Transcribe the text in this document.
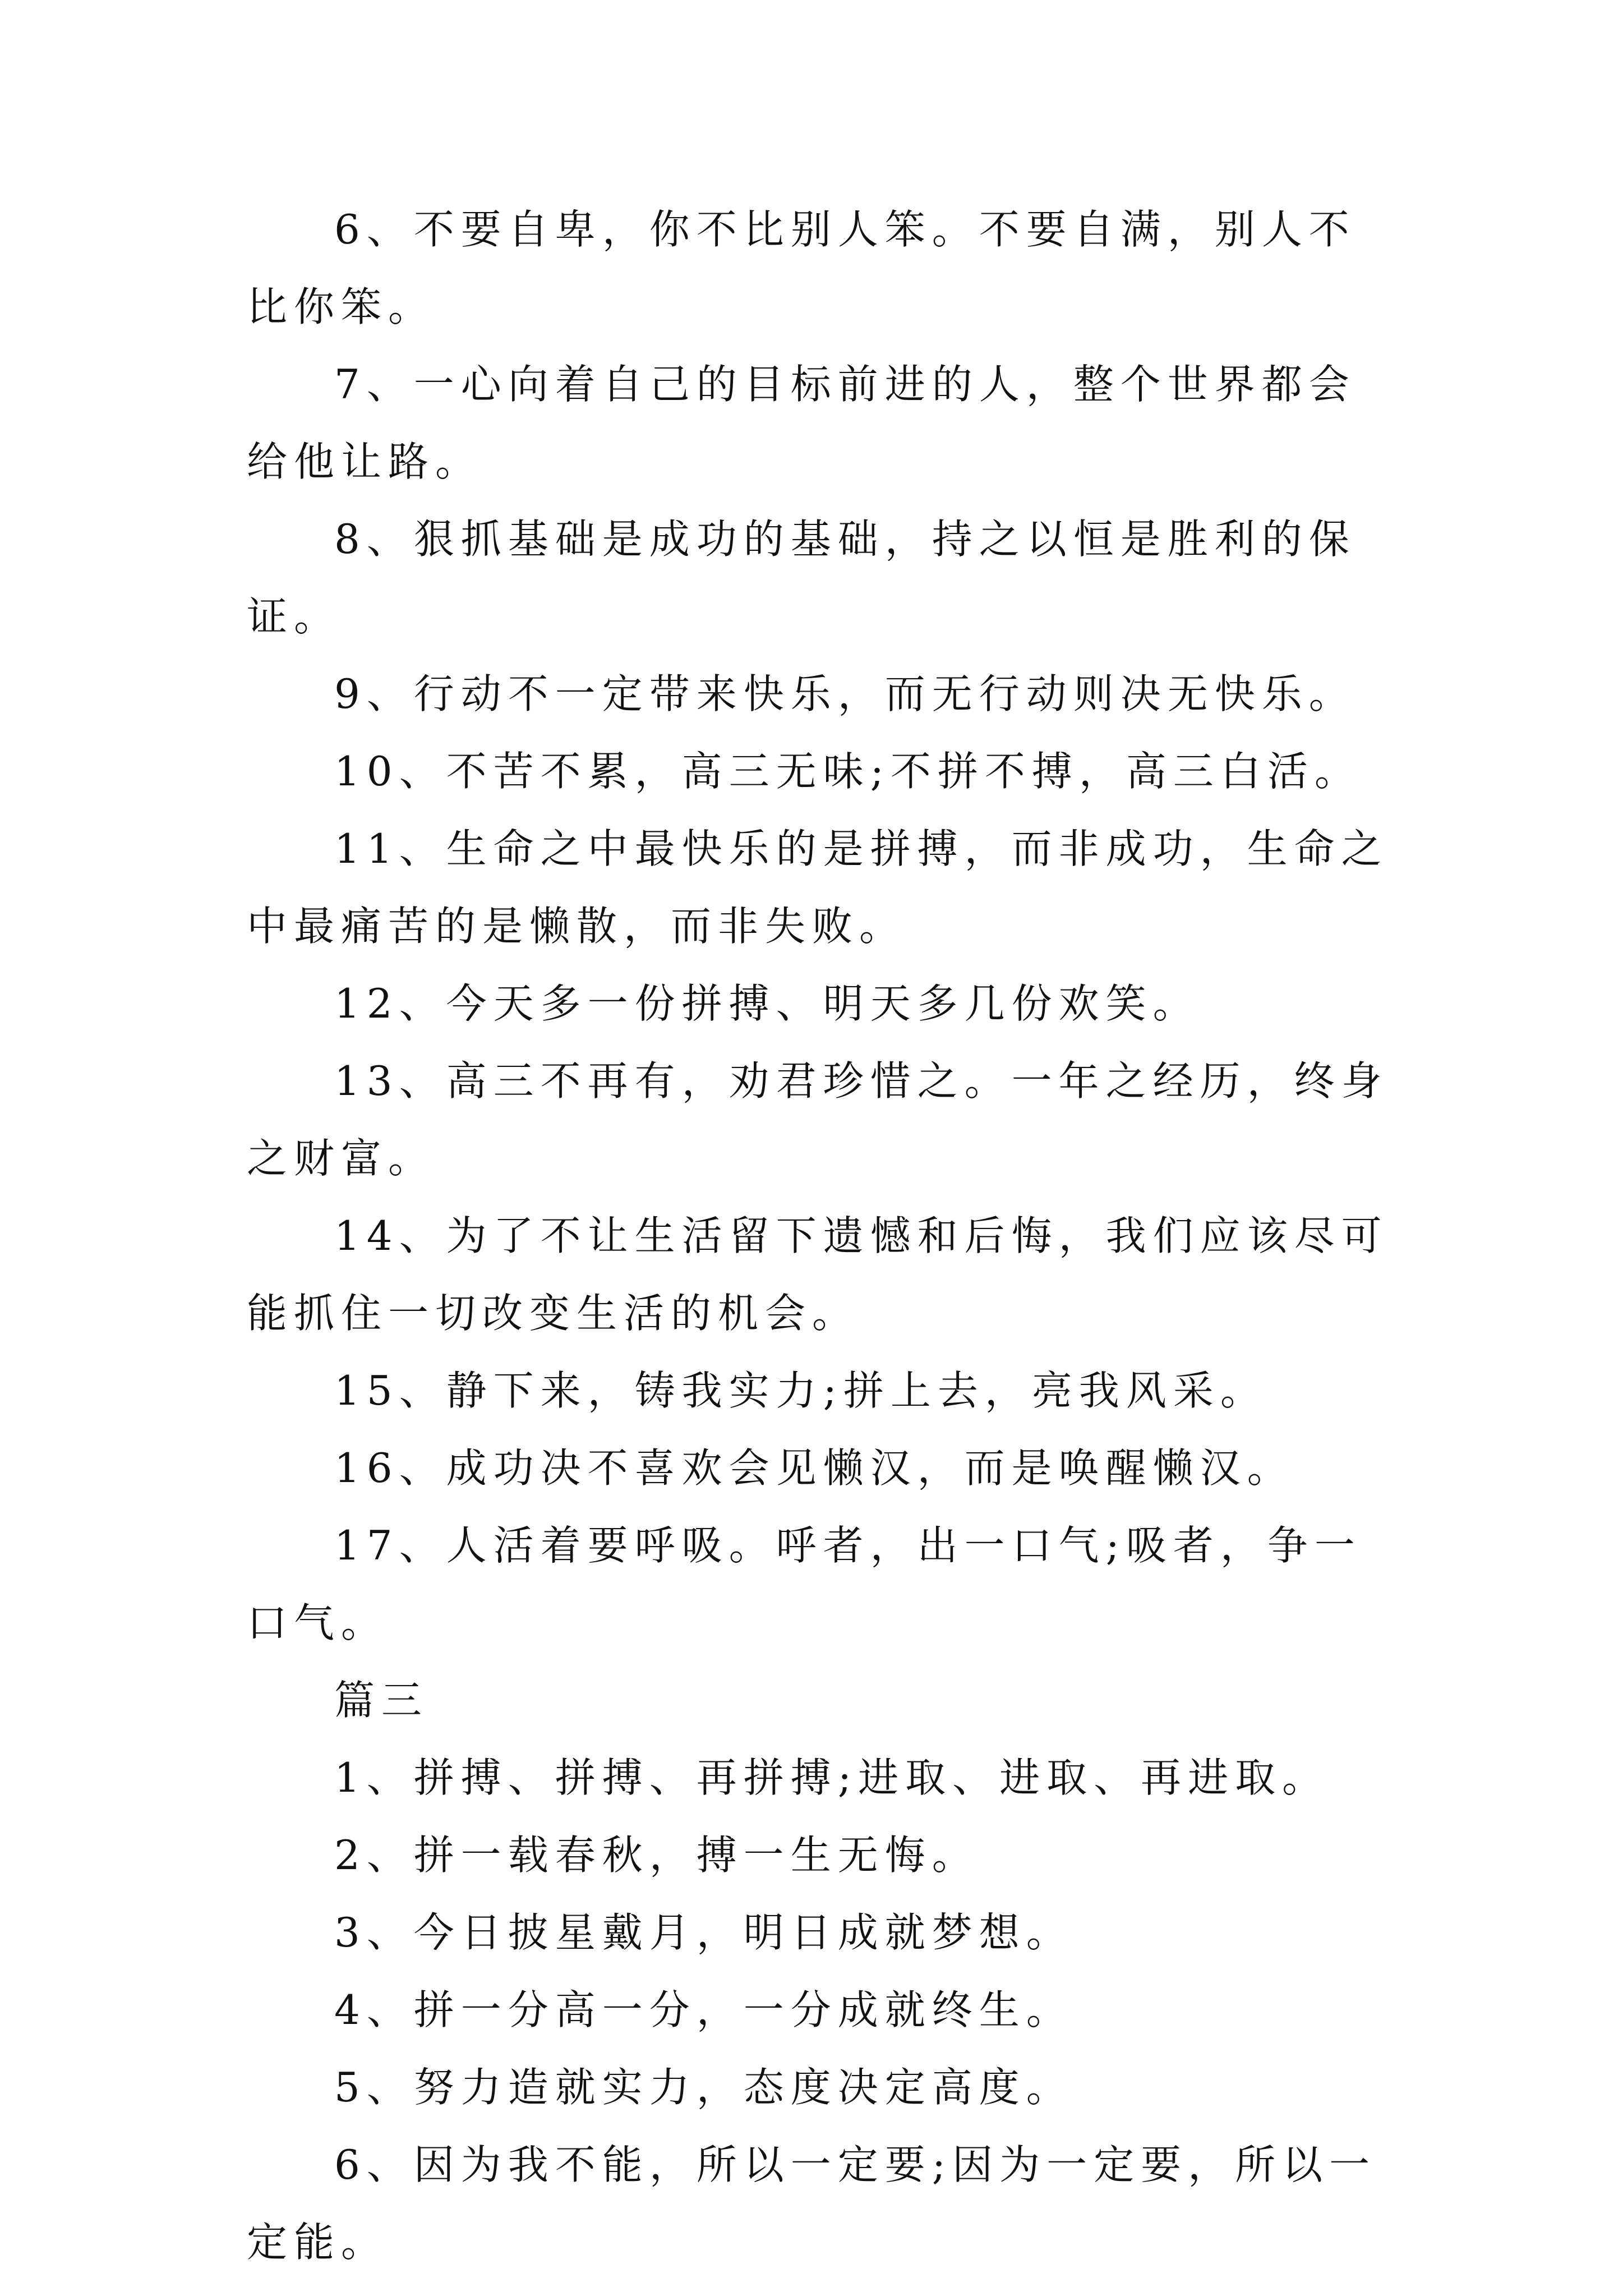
6、不要自卑，你不比别人笨。不要自满，别人不比你笨。

7、一心向着自己的目标前进的人，整个世界都会给他让路。

8、狠抓基础是成功的基础，持之以恒是胜利的保证。

9、行动不一定带来快乐，而无行动则决无快乐。

10、不苦不累，高三无味;不拼不搏，高三白活。

11、生命之中最快乐的是拼搏，而非成功，生命之中最痛苦的是懒散，而非失败。

12、今天多一份拼搏、明天多几份欢笑。

13、高三不再有，劝君珍惜之。一年之经历，终身之财富。

14、为了不让生活留下遗憾和后悔，我们应该尽可能抓住一切改变生活的机会。

15、静下来，铸我实力;拼上去，亮我风采。

16、成功决不喜欢会见懒汉，而是唤醒懒汉。

17、人活着要呼吸。呼者，出一口气;吸者，争一口气。

篇三

1、拼搏、拼搏、再拼搏;进取、进取、再进取。

2、拼一载春秋，搏一生无悔。

3、今日披星戴月，明日成就梦想。

4、拼一分高一分，一分成就终生。

5、努力造就实力，态度决定高度。

6、因为我不能，所以一定要;因为一定要，所以一定能。
